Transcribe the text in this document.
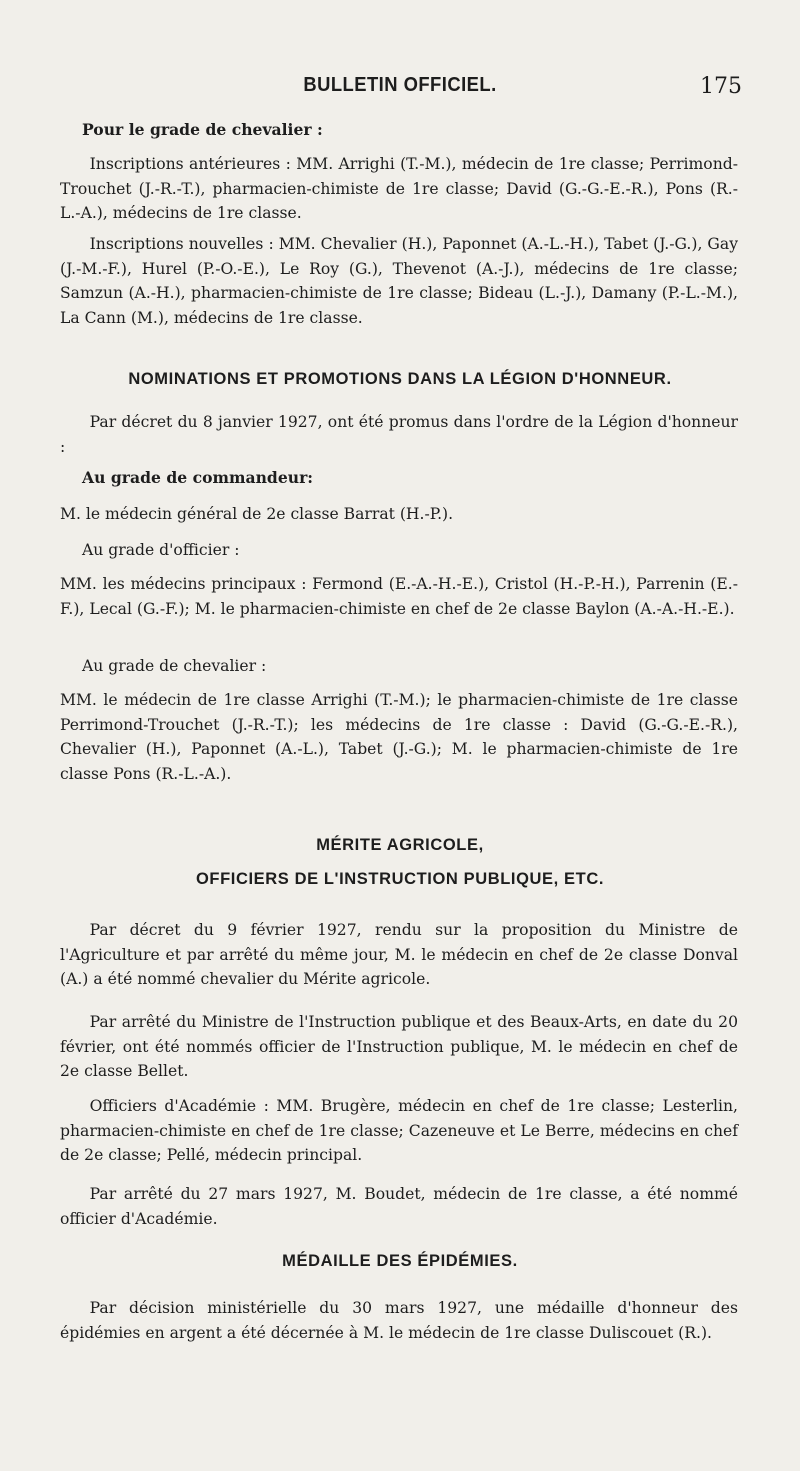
BULLETIN OFFICIEL.	175
Pour le grade de chevalier :
Inscriptions antérieures : MM. Arrighi (T.-M.), médecin de 1re classe; Perrimond-Trouchet (J.-R.-T.), pharmacien-chimiste de 1re classe; David (G.-G.-E.-R.), Pons (R.-L.-A.), médecins de 1re classe.
Inscriptions nouvelles : MM. Chevalier (H.), Paponnet (A.-L.-H.), Tabet (J.-G.), Gay (J.-M.-F.), Hurel (P.-O.-E.), Le Roy (G.), Thevenot (A.-J.), médecins de 1re classe; Samzun (A.-H.), pharmacien-chimiste de 1re classe; Bideau (L.-J.), Damany (P.-L.-M.), La Cann (M.), médecins de 1re classe.
NOMINATIONS ET PROMOTIONS DANS LA LÉGION D'HONNEUR.
Par décret du 8 janvier 1927, ont été promus dans l'ordre de la Légion d'honneur :
Au grade de commandeur:
M. le médecin général de 2e classe Barrat (H.-P.).
Au grade d'officier :
MM. les médecins principaux : Fermond (E.-A.-H.-E.), Cristol (H.-P.-H.), Parrenin (E.-F.), Lecal (G.-F.); M. le pharmacien-chimiste en chef de 2e classe Baylon (A.-A.-H.-E.).
Au grade de chevalier :
MM. le médecin de 1re classe Arrighi (T.-M.); le pharmacien-chimiste de 1re classe Perrimond-Trouchet (J.-R.-T.); les médecins de 1re classe : David (G.-G.-E.-R.), Chevalier (H.), Paponnet (A.-L.), Tabet (J.-G.); M. le pharmacien-chimiste de 1re classe Pons (R.-L.-A.).
MÉRITE AGRICOLE,
OFFICIERS DE L'INSTRUCTION PUBLIQUE, ETC.
Par décret du 9 février 1927, rendu sur la proposition du Ministre de l'Agriculture et par arrêté du même jour, M. le médecin en chef de 2e classe Donval (A.) a été nommé chevalier du Mérite agricole.
Par arrêté du Ministre de l'Instruction publique et des Beaux-Arts, en date du 20 février, ont été nommés officier de l'Instruction publique, M. le médecin en chef de 2e classe Bellet.
Officiers d'Académie : MM. Brugère, médecin en chef de 1re classe; Lesterlin, pharmacien-chimiste en chef de 1re classe; Cazeneuve et Le Berre, médecins en chef de 2e classe; Pellé, médecin principal.
Par arrêté du 27 mars 1927, M. Boudet, médecin de 1re classe, a été nommé officier d'Académie.
MÉDAILLE DES ÉPIDÉMIES.
Par décision ministérielle du 30 mars 1927, une médaille d'honneur des épidémies en argent a été décernée à M. le médecin de 1re classe Duliscouet (R.).
